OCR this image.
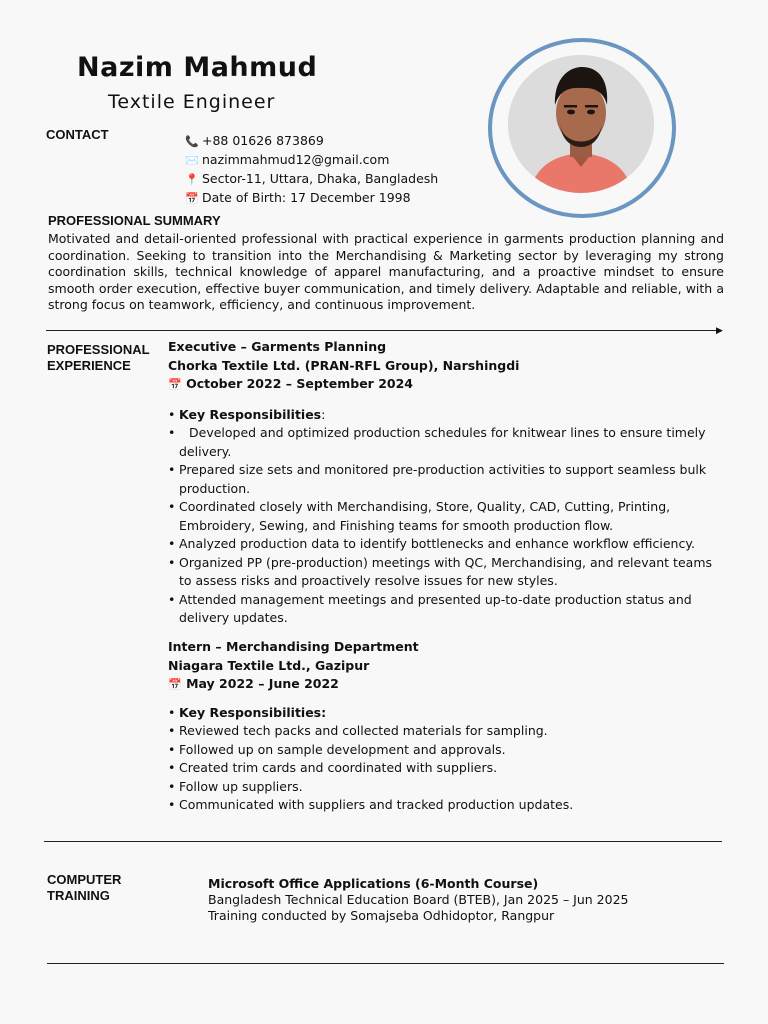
Nazim Mahmud
Textile Engineer
CONTACT	📞 +88 01626 873869
✉️ nazimmahmud12@gmail.com
📍 Sector-11, Uttara, Dhaka, Bangladesh
📅 Date of Birth: 17 December 1998
PROFESSIONAL SUMMARY
Motivated and detail-oriented professional with practical experience in garments production planning and coordination. Seeking to transition into the Merchandising & Marketing sector by leveraging my strong coordination skills, technical knowledge of apparel manufacturing, and a proactive mindset to ensure smooth order execution, effective buyer communication, and timely delivery. Adaptable and reliable, with a strong focus on teamwork, efficiency, and continuous improvement.
▶
PROFESSIONAL
EXPERIENCE
Executive – Garments Planning
Chorka Textile Ltd. (PRAN-RFL Group), Narshingdi
📅 October 2022 – September 2024
• Key Responsibilities:
• Developed and optimized production schedules for knitwear lines to ensure timely delivery.
• Prepared size sets and monitored pre-production activities to support seamless bulk production.
• Coordinated closely with Merchandising, Store, Quality, CAD, Cutting, Printing, Embroidery, Sewing, and Finishing teams for smooth production flow.
• Analyzed production data to identify bottlenecks and enhance workflow efficiency.
• Organized PP (pre-production) meetings with QC, Merchandising, and relevant teams to assess risks and proactively resolve issues for new styles.
• Attended management meetings and presented up-to-date production status and delivery updates.
Intern – Merchandising Department
Niagara Textile Ltd., Gazipur
📅 May 2022 – June 2022
• Key Responsibilities:
• Reviewed tech packs and collected materials for sampling.
• Followed up on sample development and approvals.
• Created trim cards and coordinated with suppliers.
• Follow up suppliers.
• Communicated with suppliers and tracked production updates.
COMPUTER
TRAINING
Microsoft Office Applications (6-Month Course)
Bangladesh Technical Education Board (BTEB), Jan 2025 – Jun 2025
Training conducted by Somajseba Odhidoptor, Rangpur
